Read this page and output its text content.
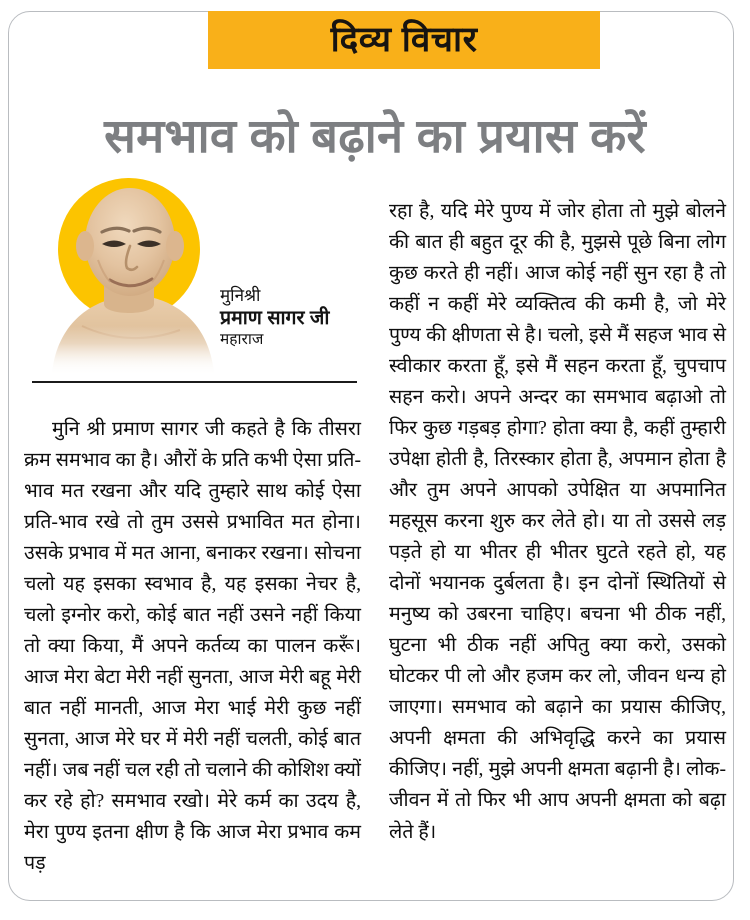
दिव्य विचार
समभाव को बढ़ाने का प्रयास करें
मुनिश्री
प्रमाण सागर जी
महाराज

मुनि श्री प्रमाण सागर जी कहते है कि तीसरा क्रम समभाव का है। औरों के प्रति कभी ऐसा प्रति-भाव मत रखना और यदि तुम्हारे साथ कोई ऐसा प्रति-भाव रखे तो तुम उससे प्रभावित मत होना। उसके प्रभाव में मत आना, बनाकर रखना। सोचना चलो यह इसका स्वभाव है, यह इसका नेचर है, चलो इग्नोर करो, कोई बात नहीं उसने नहीं किया तो क्या किया, मैं अपने कर्तव्य का पालन करूँ। आज मेरा बेटा मेरी नहीं सुनता, आज मेरी बहू मेरी बात नहीं मानती, आज मेरा भाई मेरी कुछ नहीं सुनता, आज मेरे घर में मेरी नहीं चलती, कोई बात नहीं। जब नहीं चल रही तो चलाने की कोशिश क्यों कर रहे हो? समभाव रखो। मेरे कर्म का उदय है, मेरा पुण्य इतना क्षीण है कि आज मेरा प्रभाव कम पड़

रहा है, यदि मेरे पुण्य में जोर होता तो मुझे बोलने की बात ही बहुत दूर की है, मुझसे पूछे बिना लोग कुछ करते ही नहीं। आज कोई नहीं सुन रहा है तो कहीं न कहीं मेरे व्यक्तित्व की कमी है, जो मेरे पुण्य की क्षीणता से है। चलो, इसे मैं सहज भाव से स्वीकार करता हूँ, इसे मैं सहन करता हूँ, चुपचाप सहन करो। अपने अन्दर का समभाव बढ़ाओ तो फिर कुछ गड़बड़ होगा? होता क्या है, कहीं तुम्हारी उपेक्षा होती है, तिरस्कार होता है, अपमान होता है और तुम अपने आपको उपेक्षित या अपमानित महसूस करना शुरु कर लेते हो। या तो उससे लड़ पड़ते हो या भीतर ही भीतर घुटते रहते हो, यह दोनों भयानक दुर्बलता है। इन दोनों स्थितियों से मनुष्य को उबरना चाहिए। बचना भी ठीक नहीं, घुटना भी ठीक नहीं अपितु क्या करो, उसको घोटकर पी लो और हजम कर लो, जीवन धन्य हो जाएगा। समभाव को बढ़ाने का प्रयास कीजिए, अपनी क्षमता की अभिवृद्धि करने का प्रयास कीजिए। नहीं, मुझे अपनी क्षमता बढ़ानी है। लोक-जीवन में तो फिर भी आप अपनी क्षमता को बढ़ा लेते हैं।
